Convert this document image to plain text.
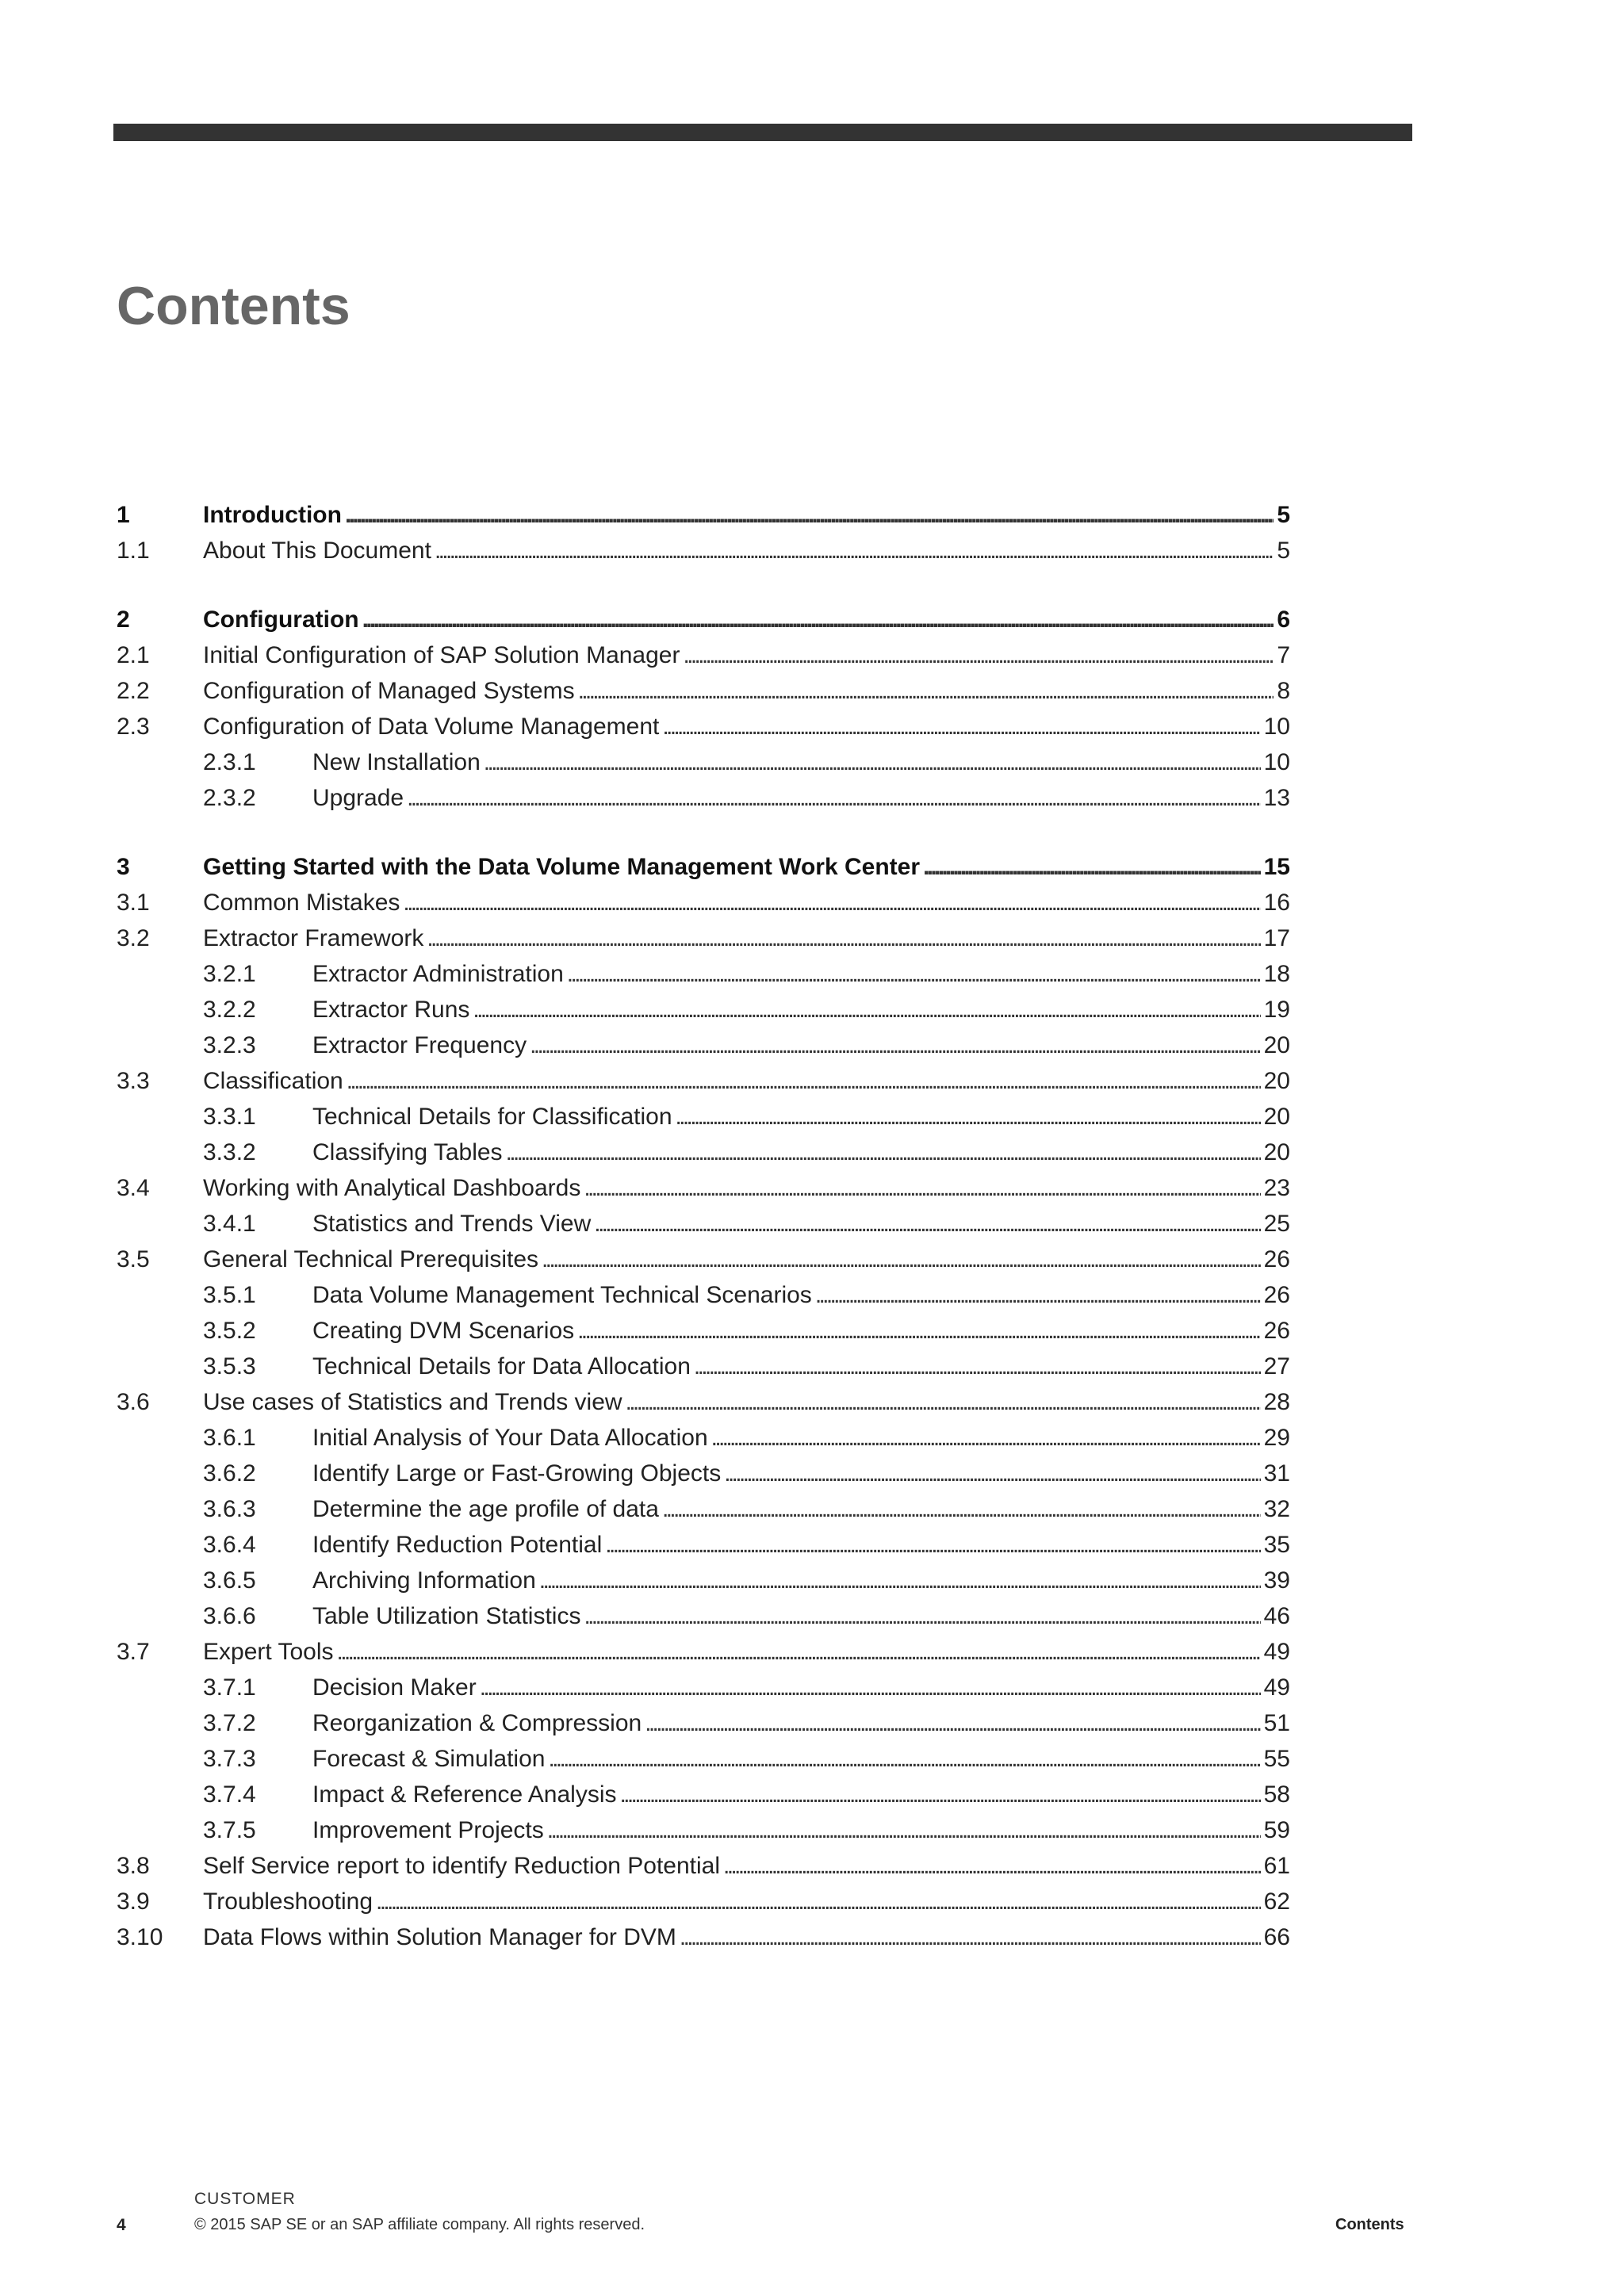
Contents
1	Introduction . . .	5
1.1 About This Document . . .	5
2	Configuration . . .	6
2.1 Initial Configuration of SAP Solution Manager . . .	7
2.2 Configuration of Managed Systems . . .	8
2.3 Configuration of Data Volume Management . . .	10
2.3.1 New Installation . . .	10
2.3.2 Upgrade . . .	13
3	Getting Started with the Data Volume Management Work Center . . .	15
3.1 Common Mistakes . . .	16
3.2 Extractor Framework . . .	17
3.2.1 Extractor Administration . . .	18
3.2.2 Extractor Runs . . .	19
3.2.3 Extractor Frequency . . .	20
3.3 Classification . . .	20
3.3.1 Technical Details for Classification . . .	20
3.3.2 Classifying Tables . . .	20
3.4 Working with Analytical Dashboards . . .	23
3.4.1 Statistics and Trends View . . .	25
3.5 General Technical Prerequisites . . .	26
3.5.1 Data Volume Management Technical Scenarios . . .	26
3.5.2 Creating DVM Scenarios . . .	26
3.5.3 Technical Details for Data Allocation . . .	27
3.6 Use cases of Statistics and Trends view . . .	28
3.6.1 Initial Analysis of Your Data Allocation . . .	29
3.6.2 Identify Large or Fast-Growing Objects . . .	31
3.6.3 Determine the age profile of data . . .	32
3.6.4 Identify Reduction Potential . . .	35
3.6.5 Archiving Information . . .	39
3.6.6 Table Utilization Statistics . . .	46
3.7 Expert Tools . . .	49
3.7.1 Decision Maker . . .	49
3.7.2 Reorganization & Compression . . .	51
3.7.3 Forecast & Simulation . . .	55
3.7.4 Impact & Reference Analysis . . .	58
3.7.5 Improvement Projects . . .	59
3.8 Self Service report to identify Reduction Potential . . .	61
3.9 Troubleshooting . . .	62
3.10 Data Flows within Solution Manager for DVM . . .	66
4
CUSTOMER
© 2015 SAP SE or an SAP affiliate company. All rights reserved.	Contents
